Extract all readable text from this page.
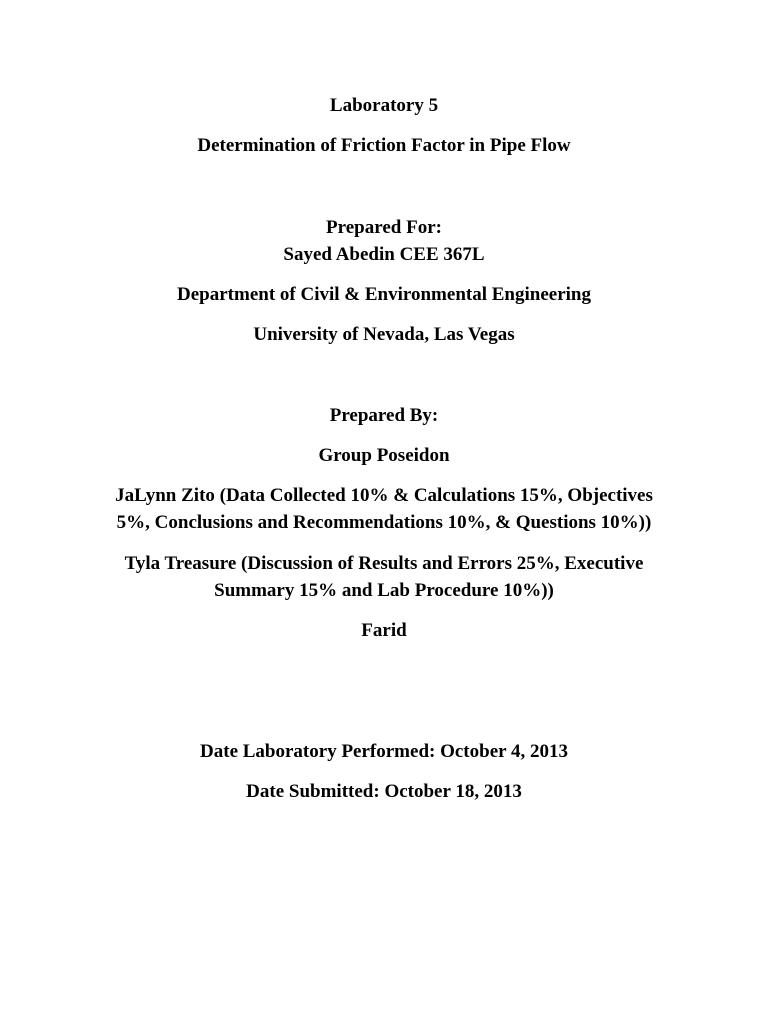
Laboratory 5
Determination of Friction Factor in Pipe Flow
Prepared For:
Sayed Abedin CEE 367L
Department of Civil & Environmental Engineering
University of Nevada, Las Vegas
Prepared By:
Group Poseidon
JaLynn Zito (Data Collected 10% & Calculations 15%, Objectives
5%, Conclusions and Recommendations 10%, & Questions 10%))
Tyla Treasure (Discussion of Results and Errors 25%, Executive
Summary 15% and Lab Procedure 10%))
Farid
Date Laboratory Performed: October 4, 2013
Date Submitted: October 18, 2013
